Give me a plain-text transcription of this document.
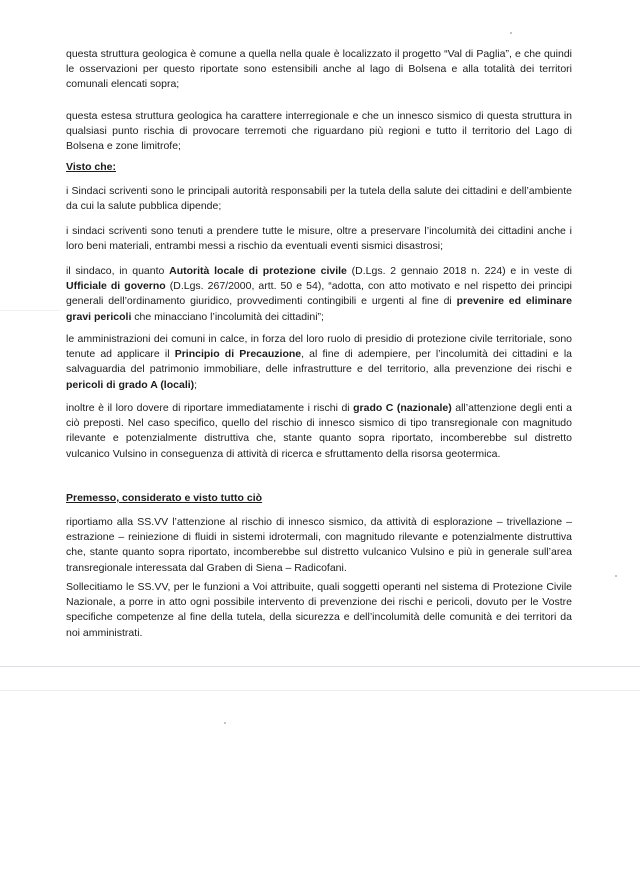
questa struttura geologica è comune a quella nella quale è localizzato il progetto “Val di Paglia”, e che quindi le osservazioni per questo riportate sono estensibili anche al lago di Bolsena e alla totalità dei territori comunali elencati sopra;

questa estesa struttura geologica ha carattere interregionale e che un innesco sismico di questa struttura in qualsiasi punto rischia di provocare terremoti che riguardano più regioni e tutto il territorio del Lago di Bolsena e zone limitrofe;

Visto che:

i Sindaci scriventi sono le principali autorità responsabili per la tutela della salute dei cittadini e dell’ambiente da cui la salute pubblica dipende;

i sindaci scriventi sono tenuti a prendere tutte le misure, oltre a preservare l’incolumità dei cittadini anche i loro beni materiali, entrambi messi a rischio da eventuali eventi sismici disastrosi;

il sindaco, in quanto Autorità locale di protezione civile (D.Lgs. 2 gennaio 2018 n. 224) e in veste di Ufficiale di governo (D.Lgs. 267/2000, artt. 50 e 54), “adotta, con atto motivato e nel rispetto dei principi generali dell’ordinamento giuridico, provvedimenti contingibili e urgenti al fine di prevenire ed eliminare gravi pericoli che minacciano l’incolumità dei cittadini”;

le amministrazioni dei comuni in calce, in forza del loro ruolo di presidio di protezione civile territoriale, sono tenute ad applicare il Principio di Precauzione, al fine di adempiere, per l’incolumità dei cittadini e la salvaguardia del patrimonio immobiliare, delle infrastrutture e del territorio, alla prevenzione dei rischi e pericoli di grado A (locali);

inoltre è il loro dovere di riportare immediatamente i rischi di grado C (nazionale) all’attenzione degli enti a ciò preposti. Nel caso specifico, quello del rischio di innesco sismico di tipo transregionale con magnitudo rilevante e potenzialmente distruttiva che, stante quanto sopra riportato, incomberebbe sul distretto vulcanico Vulsino in conseguenza di attività di ricerca e sfruttamento della risorsa geotermica.

Premesso, considerato e visto tutto ciò

riportiamo alla SS.VV l’attenzione al rischio di innesco sismico, da attività di esplorazione – trivellazione – estrazione – reiniezione di fluidi in sistemi idrotermali, con magnitudo rilevante e potenzialmente distruttiva che, stante quanto sopra riportato, incomberebbe sul distretto vulcanico Vulsino e più in generale sull’area transregionale interessata dal Graben di Siena – Radicofani.

Sollecitiamo le SS.VV, per le funzioni a Voi attribuite, quali soggetti operanti nel sistema di Protezione Civile Nazionale, a porre in atto ogni possibile intervento di prevenzione dei rischi e pericoli, dovuto per le Vostre specifiche competenze al fine della tutela, della sicurezza e dell’incolumità delle comunità e dei territori da noi amministrati.
